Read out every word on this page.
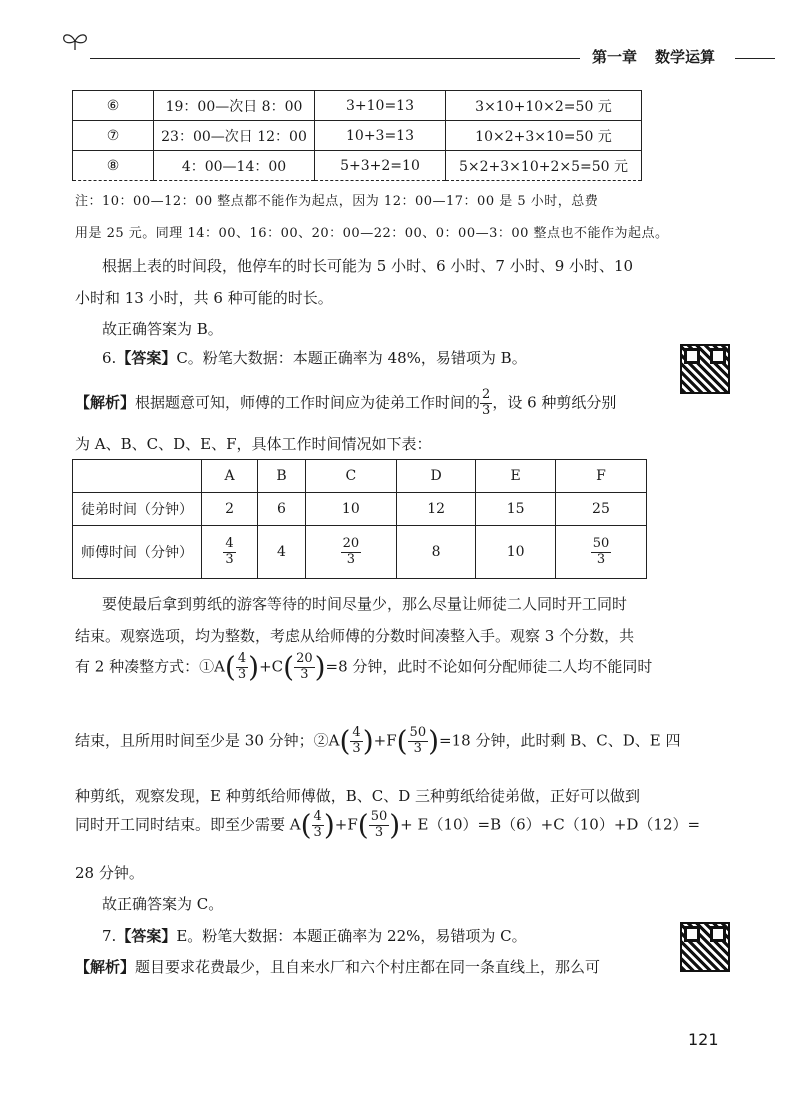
第一章 数学运算
⑥	19：00—次日 8：00	3+10=13	3×10+10×2=50 元
⑦	23：00—次日 12：00	10+3=13	10×2+3×10=50 元
⑧	4：00—14：00	5+3+2=10	5×2+3×10+2×5=50 元
注：10：00—12：00 整点都不能作为起点，因为 12：00—17：00 是 5 小时，总费
用是 25 元。同理 14：00、16：00、20：00—22：00、0：00—3：00 整点也不能作为起点。
根据上表的时间段，他停车的时长可能为 5 小时、6 小时、7 小时、9 小时、10
小时和 13 小时，共 6 种可能的时长。
故正确答案为 B。
6.【答案】C。粉笔大数据：本题正确率为 48%，易错项为 B。
【解析】根据题意可知，师傅的工作时间应为徒弟工作时间的 $\frac{2}{3}$ ，设 6 种剪纸分别
为 A、B、C、D、E、F，具体工作时间情况如下表：
	A	B	C	D	E	F
徒弟时间（分钟）	2	6	10	12	15	25
师傅时间（分钟）	$\frac{4}{3}$	4	$\frac{20}{3}$	8	10	$\frac{50}{3}$
要使最后拿到剪纸的游客等待的时间尽量少，那么尽量让师徒二人同时开工同时
结束。观察选项，均为整数，考虑从给师傅的分数时间凑整入手。观察 3 个分数，共
有 2 种凑整方式：①A( $\frac{4}{3} )+C( \frac{20}{3} )=8$ 分钟，此时不论如何分配师徒二人均不能同时
结束，且所用时间至少是 30 分钟；②A( $\frac{4}{3} )+F( \frac{50}{3} )=18$ 分钟，此时剩 B、C、D、E 四
种剪纸，观察发现，E 种剪纸给师傅做，B、C、D 三种剪纸给徒弟做，正好可以做到
同时开工同时结束。即至少需要 $A( \frac{4}{3} )+F( \frac{50}{3}$ )+ E（10）=B（6）+C（10）+D（12）=
28 分钟。
故正确答案为 C。
7.【答案】E。粉笔大数据：本题正确率为 22%，易错项为 C。
【解析】题目要求花费最少，且自来水厂和六个村庄都在同一条直线上，那么可
121
